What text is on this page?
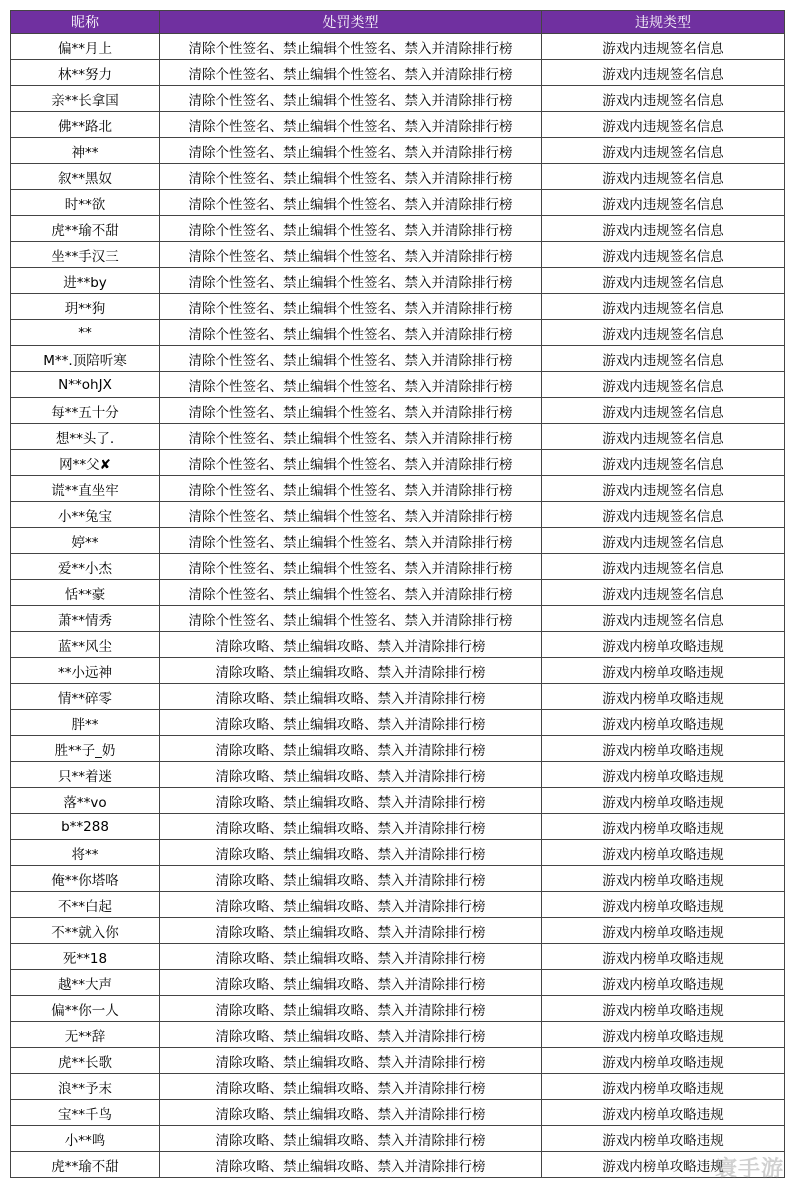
昵称	处罚类型	违规类型
偏**月上	清除个性签名、禁止编辑个性签名、禁入并清除排行榜	游戏内违规签名信息
林**努力	清除个性签名、禁止编辑个性签名、禁入并清除排行榜	游戏内违规签名信息
亲**长拿国	清除个性签名、禁止编辑个性签名、禁入并清除排行榜	游戏内违规签名信息
佛**路北	清除个性签名、禁止编辑个性签名、禁入并清除排行榜	游戏内违规签名信息
神**	清除个性签名、禁止编辑个性签名、禁入并清除排行榜	游戏内违规签名信息
叙**黑奴	清除个性签名、禁止编辑个性签名、禁入并清除排行榜	游戏内违规签名信息
时**欲	清除个性签名、禁止编辑个性签名、禁入并清除排行榜	游戏内违规签名信息
虎**瑜不甜	清除个性签名、禁止编辑个性签名、禁入并清除排行榜	游戏内违规签名信息
坐**手汉三	清除个性签名、禁止编辑个性签名、禁入并清除排行榜	游戏内违规签名信息
进**by	清除个性签名、禁止编辑个性签名、禁入并清除排行榜	游戏内违规签名信息
玥**狗	清除个性签名、禁止编辑个性签名、禁入并清除排行榜	游戏内违规签名信息
**	清除个性签名、禁止编辑个性签名、禁入并清除排行榜	游戏内违规签名信息
M**.顶陪听寒	清除个性签名、禁止编辑个性签名、禁入并清除排行榜	游戏内违规签名信息
N**ohJX	清除个性签名、禁止编辑个性签名、禁入并清除排行榜	游戏内违规签名信息
每**五十分	清除个性签名、禁止编辑个性签名、禁入并清除排行榜	游戏内违规签名信息
想**头了.	清除个性签名、禁止编辑个性签名、禁入并清除排行榜	游戏内违规签名信息
网**父✘	清除个性签名、禁止编辑个性签名、禁入并清除排行榜	游戏内违规签名信息
谎**直坐牢	清除个性签名、禁止编辑个性签名、禁入并清除排行榜	游戏内违规签名信息
小**兔宝	清除个性签名、禁止编辑个性签名、禁入并清除排行榜	游戏内违规签名信息
婷**	清除个性签名、禁止编辑个性签名、禁入并清除排行榜	游戏内违规签名信息
爱**小杰	清除个性签名、禁止编辑个性签名、禁入并清除排行榜	游戏内违规签名信息
恬**豪	清除个性签名、禁止编辑个性签名、禁入并清除排行榜	游戏内违规签名信息
萧**情秀	清除个性签名、禁止编辑个性签名、禁入并清除排行榜	游戏内违规签名信息
蓝**风尘	清除攻略、禁止编辑攻略、禁入并清除排行榜	游戏内榜单攻略违规
**小远神	清除攻略、禁止编辑攻略、禁入并清除排行榜	游戏内榜单攻略违规
情**碎零	清除攻略、禁止编辑攻略、禁入并清除排行榜	游戏内榜单攻略违规
胖**	清除攻略、禁止编辑攻略、禁入并清除排行榜	游戏内榜单攻略违规
胜**子_奶	清除攻略、禁止编辑攻略、禁入并清除排行榜	游戏内榜单攻略违规
只**着迷	清除攻略、禁止编辑攻略、禁入并清除排行榜	游戏内榜单攻略违规
落**vo	清除攻略、禁止编辑攻略、禁入并清除排行榜	游戏内榜单攻略违规
b**288	清除攻略、禁止编辑攻略、禁入并清除排行榜	游戏内榜单攻略违规
将**	清除攻略、禁止编辑攻略、禁入并清除排行榜	游戏内榜单攻略违规
俺**你塔咯	清除攻略、禁止编辑攻略、禁入并清除排行榜	游戏内榜单攻略违规
不**白起	清除攻略、禁止编辑攻略、禁入并清除排行榜	游戏内榜单攻略违规
不**就入你	清除攻略、禁止编辑攻略、禁入并清除排行榜	游戏内榜单攻略违规
死**18	清除攻略、禁止编辑攻略、禁入并清除排行榜	游戏内榜单攻略违规
越**大声	清除攻略、禁止编辑攻略、禁入并清除排行榜	游戏内榜单攻略违规
偏**你一人	清除攻略、禁止编辑攻略、禁入并清除排行榜	游戏内榜单攻略违规
无**辞	清除攻略、禁止编辑攻略、禁入并清除排行榜	游戏内榜单攻略违规
虎**长歌	清除攻略、禁止编辑攻略、禁入并清除排行榜	游戏内榜单攻略违规
浪**予末	清除攻略、禁止编辑攻略、禁入并清除排行榜	游戏内榜单攻略违规
宝**千鸟	清除攻略、禁止编辑攻略、禁入并清除排行榜	游戏内榜单攻略违规
小**鸣	清除攻略、禁止编辑攻略、禁入并清除排行榜	游戏内榜单攻略违规
虎**瑜不甜	清除攻略、禁止编辑攻略、禁入并清除排行榜	游戏内榜单攻略违规
寰手游
